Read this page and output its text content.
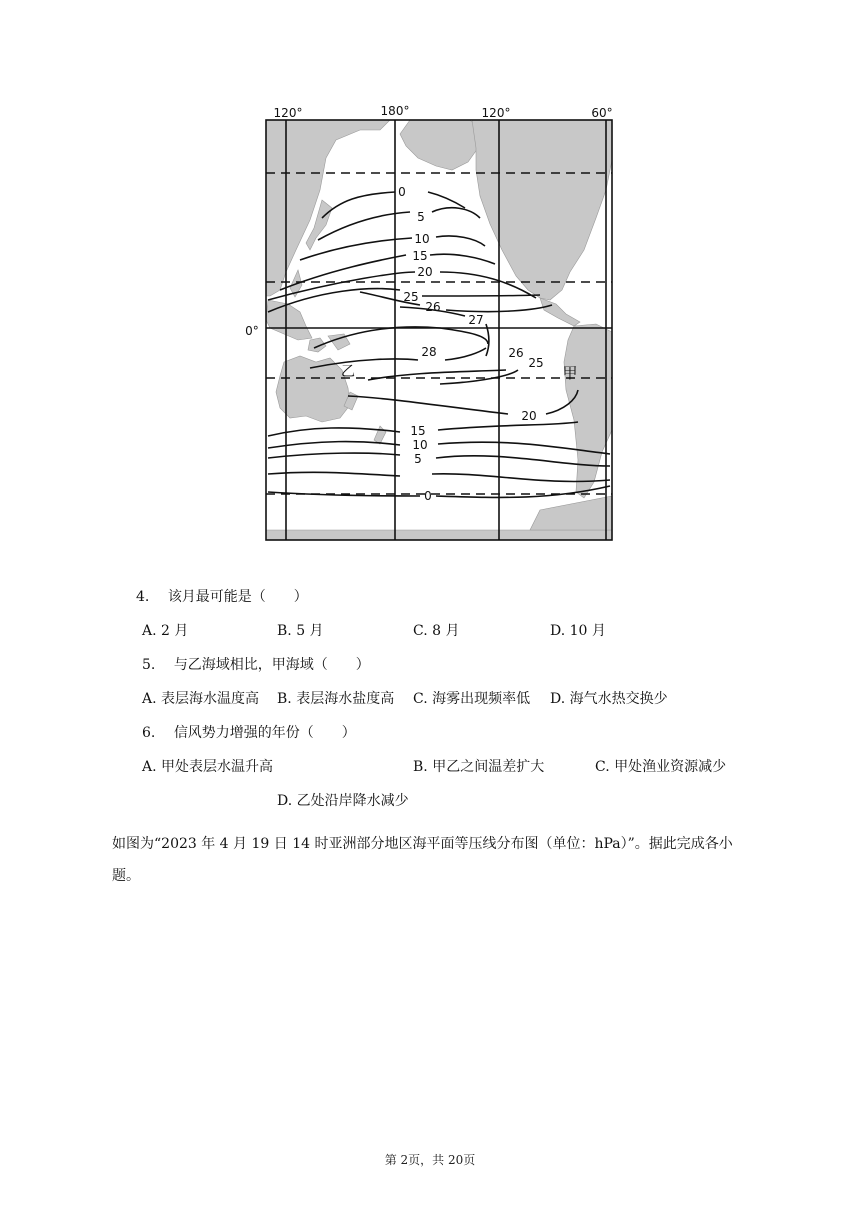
120°	180°	120°	60°
0°
0
5
10
15
20
25
26
27
28	26
25
20
15
10
5
0
乙	甲
4. 该月最可能是（　　）
A. 2 月	B. 5 月	C. 8 月	D. 10 月
5. 与乙海域相比，甲海域（　　）
A. 表层海水温度高 B. 表层海水盐度高 C. 海雾出现频率低 D. 海气水热交换少
6. 信风势力增强的年份（　　）
A. 甲处表层水温升高	B. 甲乙之间温差扩大	C. 甲处渔业资源减少
D. 乙处沿岸降水减少
如图为“2023 年 4 月 19 日 14 时亚洲部分地区海平面等压线分布图（单位：hPa）”。据此完成各小题。
第 2页，共 20页
